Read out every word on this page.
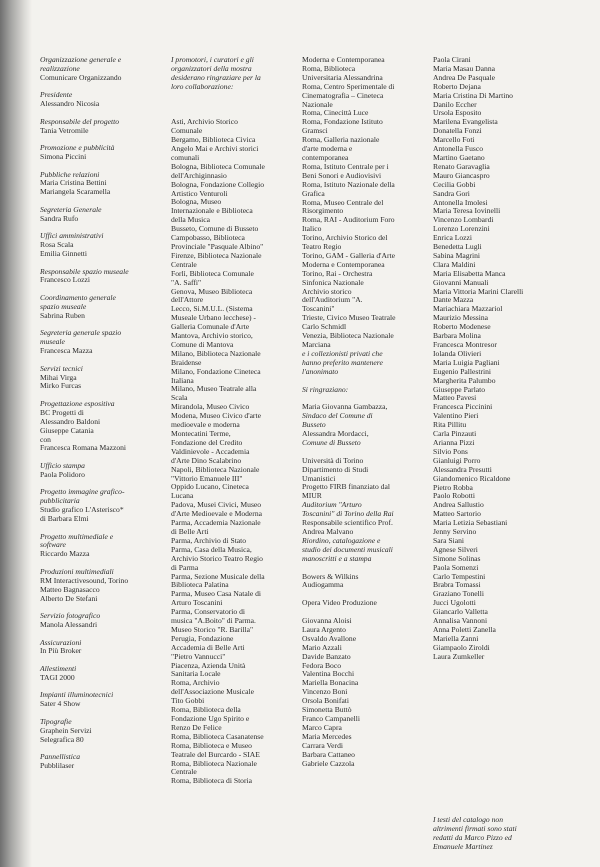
Organizzazione generale e
realizzazione
Comunicare Organizzando
Presidente
Alessandro Nicosia
Responsabile del progetto
Tania Vetromile
Promozione e pubblicità
Simona Piccini
Pubbliche relazioni
Maria Cristina Bettini
Mariangela Scaramella
Segreteria Generale
Sandra Rufo
Uffici amministrativi
Rosa Scala
Emilia Ginnetti
Responsabile spazio museale
Francesco Lozzi
Coordinamento generale
spazio museale
Sabrina Ruben
Segreteria generale spazio
museale
Francesca Mazza
Servizi tecnici
Mihai Virga
Mirko Furcas
Progettazione espositiva
BC Progetti di
Alessandro Baldoni
Giuseppe Catania
con
Francesca Romana Mazzoni
Ufficio stampa
Paola Polidoro
Progetto immagine grafico-
pubblicitaria
Studio grafico L'Asterisco*
di Barbara Elmi
Progetto multimediale e
software
Riccardo Mazza
Produzioni multimediali
RM Interactivesound, Torino
Matteo Bagnasacco
Alberto De Stefani
Servizio fotografico
Manola Alessandri
Assicurazioni
In Più Broker
Allestimenti
TAGI 2000
Impianti illuminotecnici
Sater 4 Show
Tipografie
Graphein Servizi
Selegrafica 80
Pannellistica
Pubblilaser
I promotori, i curatori e gli
organizzatori della mostra
desiderano ringraziare per la
loro collaborazione:
Asti, Archivio Storico
Comunale
Bergamo, Biblioteca Civica
Angelo Mai e Archivi storici
comunali
Bologna, Biblioteca Comunale
dell'Archiginnasio
Bologna, Fondazione Collegio
Artistico Venturoli
Bologna, Museo
Internazionale e Biblioteca
della Musica
Busseto, Comune di Busseto
Campobasso, Biblioteca
Provinciale "Pasquale Albino"
Firenze, Biblioteca Nazionale
Centrale
Forlì, Biblioteca Comunale
"A. Saffi"
Genova, Museo Biblioteca
dell'Attore
Lecco, Si.M.U.L. (Sistema
Museale Urbano lecchese) -
Galleria Comunale d'Arte
Mantova, Archivio storico,
Comune di Mantova
Milano, Biblioteca Nazionale
Braidense
Milano, Fondazione Cineteca
Italiana
Milano, Museo Teatrale alla
Scala
Mirandola, Museo Civico
Modena, Museo Civico d'arte
medioevale e moderna
Montecatini Terme,
Fondazione del Credito
Valdinievole - Accademia
d'Arte Dino Scalabrino
Napoli, Biblioteca Nazionale
"Vittorio Emanuele III"
Oppido Lucano, Cineteca
Lucana
Padova, Musei Civici, Museo
d'Arte Medioevale e Moderna
Parma, Accademia Nazionale
di Belle Arti
Parma, Archivio di Stato
Parma, Casa della Musica,
Archivio Storico Teatro Regio
di Parma
Parma, Sezione Musicale della
Biblioteca Palatina
Parma, Museo Casa Natale di
Arturo Toscanini
Parma, Conservatorio di
musica "A.Boito" di Parma.
Museo Storico "R. Barilla"
Perugia, Fondazione
Accademia di Belle Arti
"Pietro Vannucci"
Piacenza, Azienda Unità
Sanitaria Locale
Roma, Archivio
dell'Associazione Musicale
Tito Gobbi
Roma, Biblioteca della
Fondazione Ugo Spirito e
Renzo De Felice
Roma, Biblioteca Casanatense
Roma, Biblioteca e Museo
Teatrale del Burcardo - SIAE
Roma, Biblioteca Nazionale
Centrale
Roma, Biblioteca di Storia
Moderna e Contemporanea
Roma, Biblioteca
Universitaria Alessandrina
Roma, Centro Sperimentale di
Cinematografia – Cineteca
Nazionale
Roma, Cinecittà Luce
Roma, Fondazione Istituto
Gramsci
Roma, Galleria nazionale
d'arte moderna e
contemporanea
Roma, Istituto Centrale per i
Beni Sonori e Audiovisivi
Roma, Istituto Nazionale della
Grafica
Roma, Museo Centrale del
Risorgimento
Roma, RAI - Auditorium Foro
Italico
Torino, Archivio Storico del
Teatro Regio
Torino, GAM - Galleria d'Arte
Moderna e Contemporanea
Torino, Rai - Orchestra
Sinfonica Nazionale
Archivio storico
dell'Auditorium "A.
Toscanini"
Trieste, Civico Museo Teatrale
Carlo Schmidl
Venezia, Biblioteca Nazionale
Marciana
e i collezionisti privati che
hanno preferito mantenere
l'anonimato
Si ringraziano:
Maria Giovanna Gambazza,
Sindaco del Comune di
Busseto
Alessandra Mordacci,
Comune di Busseto
Università di Torino
Dipartimento di Studi
Umanistici
Progetto FIRB finanziato dal
MIUR
Auditorium "Arturo
Toscanini" di Torino della Rai
Responsabile scientifico Prof.
Andrea Malvano
Riordino, catalogazione e
studio dei documenti musicali
manoscritti e a stampa
Bowers & Wilkins
Audiogamma
Opera Video Produzione
Giovanna Aloisi
Laura Argento
Osvaldo Avallone
Mario Azzali
Davide Banzato
Fedora Boco
Valentina Bocchi
Mariella Bonacina
Vincenzo Boni
Orsola Bonifati
Simonetta Buttò
Franco Campanelli
Marco Capra
Maria Mercedes
Carrara Verdi
Barbara Cattaneo
Gabriele Cazzola
Paola Cirani
Maria Masau Danna
Andrea De Pasquale
Roberto Dejana
Maria Cristina Di Martino
Danilo Eccher
Ursola Esposito
Marilena Evangelista
Donatella Fonzi
Marcello Foti
Antonella Fusco
Martino Gaetano
Renato Garavaglia
Mauro Giancaspro
Cecilia Gobbi
Sandra Gori
Antonella Imolesi
Maria Teresa Iovinelli
Vincenzo Lombardi
Lorenzo Lorenzini
Enrica Lozzi
Benedetta Lugli
Sabina Magrini
Clara Maldini
Maria Elisabetta Manca
Giovanni Manuali
Maria Vittoria Marini Clarelli
Dante Mazza
Mariachiara Mazzariol
Maurizio Messina
Roberto Modenese
Barbara Molina
Francesca Montresor
Iolanda Olivieri
Maria Luigia Pagliani
Eugenio Pallestrini
Margherita Palumbo
Giuseppe Parlato
Matteo Pavesi
Francesca Piccinini
Valentino Pieri
Rita Pillitu
Carla Pinzauti
Arianna Pizzi
Silvio Pons
Gianluigi Porro
Alessandra Presutti
Giandomenico Ricaldone
Pietro Robba
Paolo Robotti
Andrea Sallustio
Matteo Sartorio
Maria Letizia Sebastiani
Jenny Servino
Sara Siani
Agnese Silveri
Simone Solinas
Paola Somenzi
Carlo Tempestini
Brabra Tomassi
Graziano Tonelli
Jucci Ugolotti
Giancarlo Valletta
Annalisa Vannoni
Anna Poletti Zanella
Mariella Zanni
Giampaolo Ziroldi
Laura Zumkeller
I testi del catalogo non
altrimenti firmati sono stati
redatti da Marco Pizzo ed
Emanuele Martinez
